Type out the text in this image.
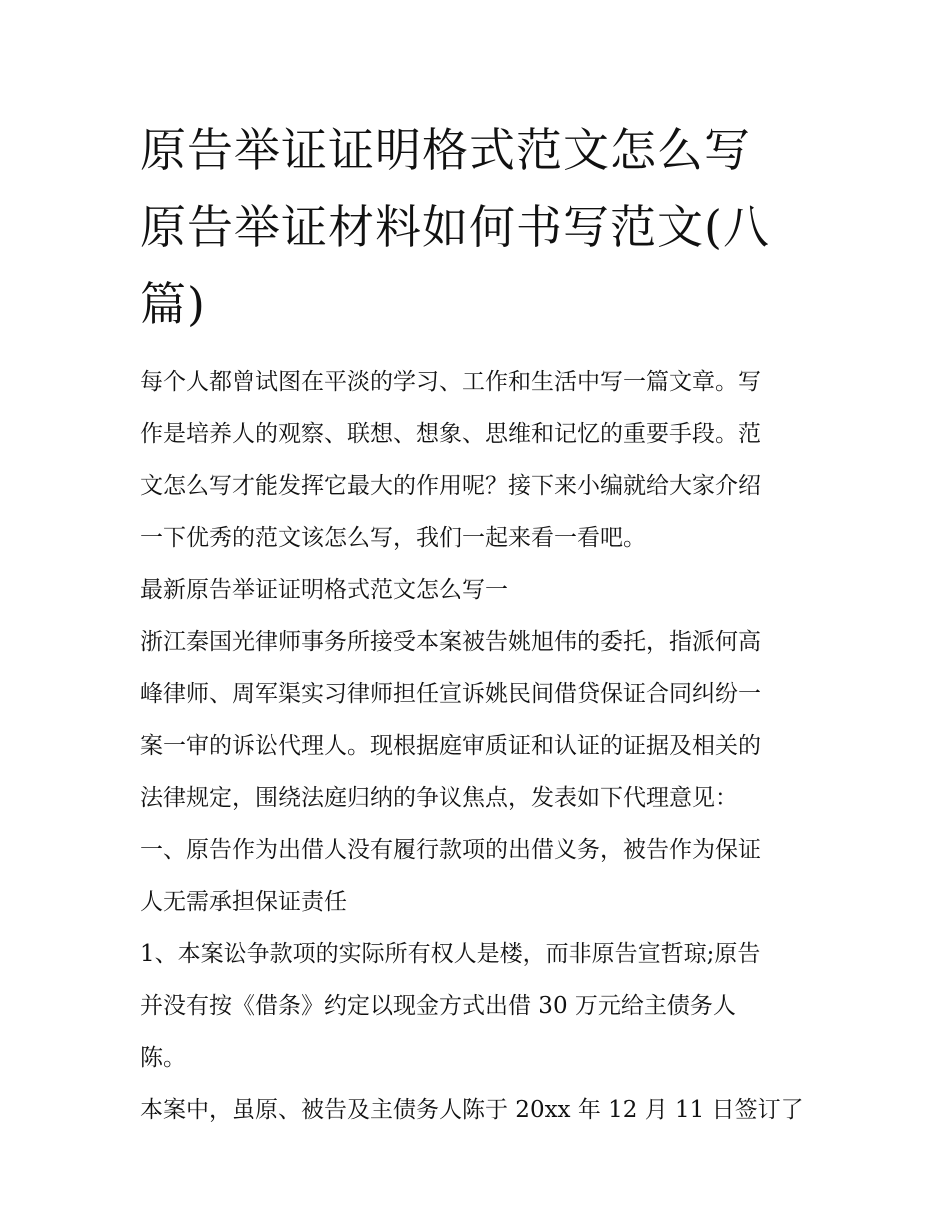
原告举证证明格式范文怎么写
原告举证材料如何书写范文(八
篇)
每个人都曾试图在平淡的学习、工作和生活中写一篇文章。写
作是培养人的观察、联想、想象、思维和记忆的重要手段。范
文怎么写才能发挥它最大的作用呢？接下来小编就给大家介绍
一下优秀的范文该怎么写，我们一起来看一看吧。
最新原告举证证明格式范文怎么写一
浙江秦国光律师事务所接受本案被告姚旭伟的委托，指派何高
峰律师、周军渠实习律师担任宣诉姚民间借贷保证合同纠纷一
案一审的诉讼代理人。现根据庭审质证和认证的证据及相关的
法律规定，围绕法庭归纳的争议焦点，发表如下代理意见：
一、原告作为出借人没有履行款项的出借义务，被告作为保证
人无需承担保证责任
1、本案讼争款项的实际所有权人是楼，而非原告宣哲琼;原告
并没有按《借条》约定以现金方式出借 30 万元给主债务人
陈。
本案中，虽原、被告及主债务人陈于 20xx 年 12 月 11 日签订了
